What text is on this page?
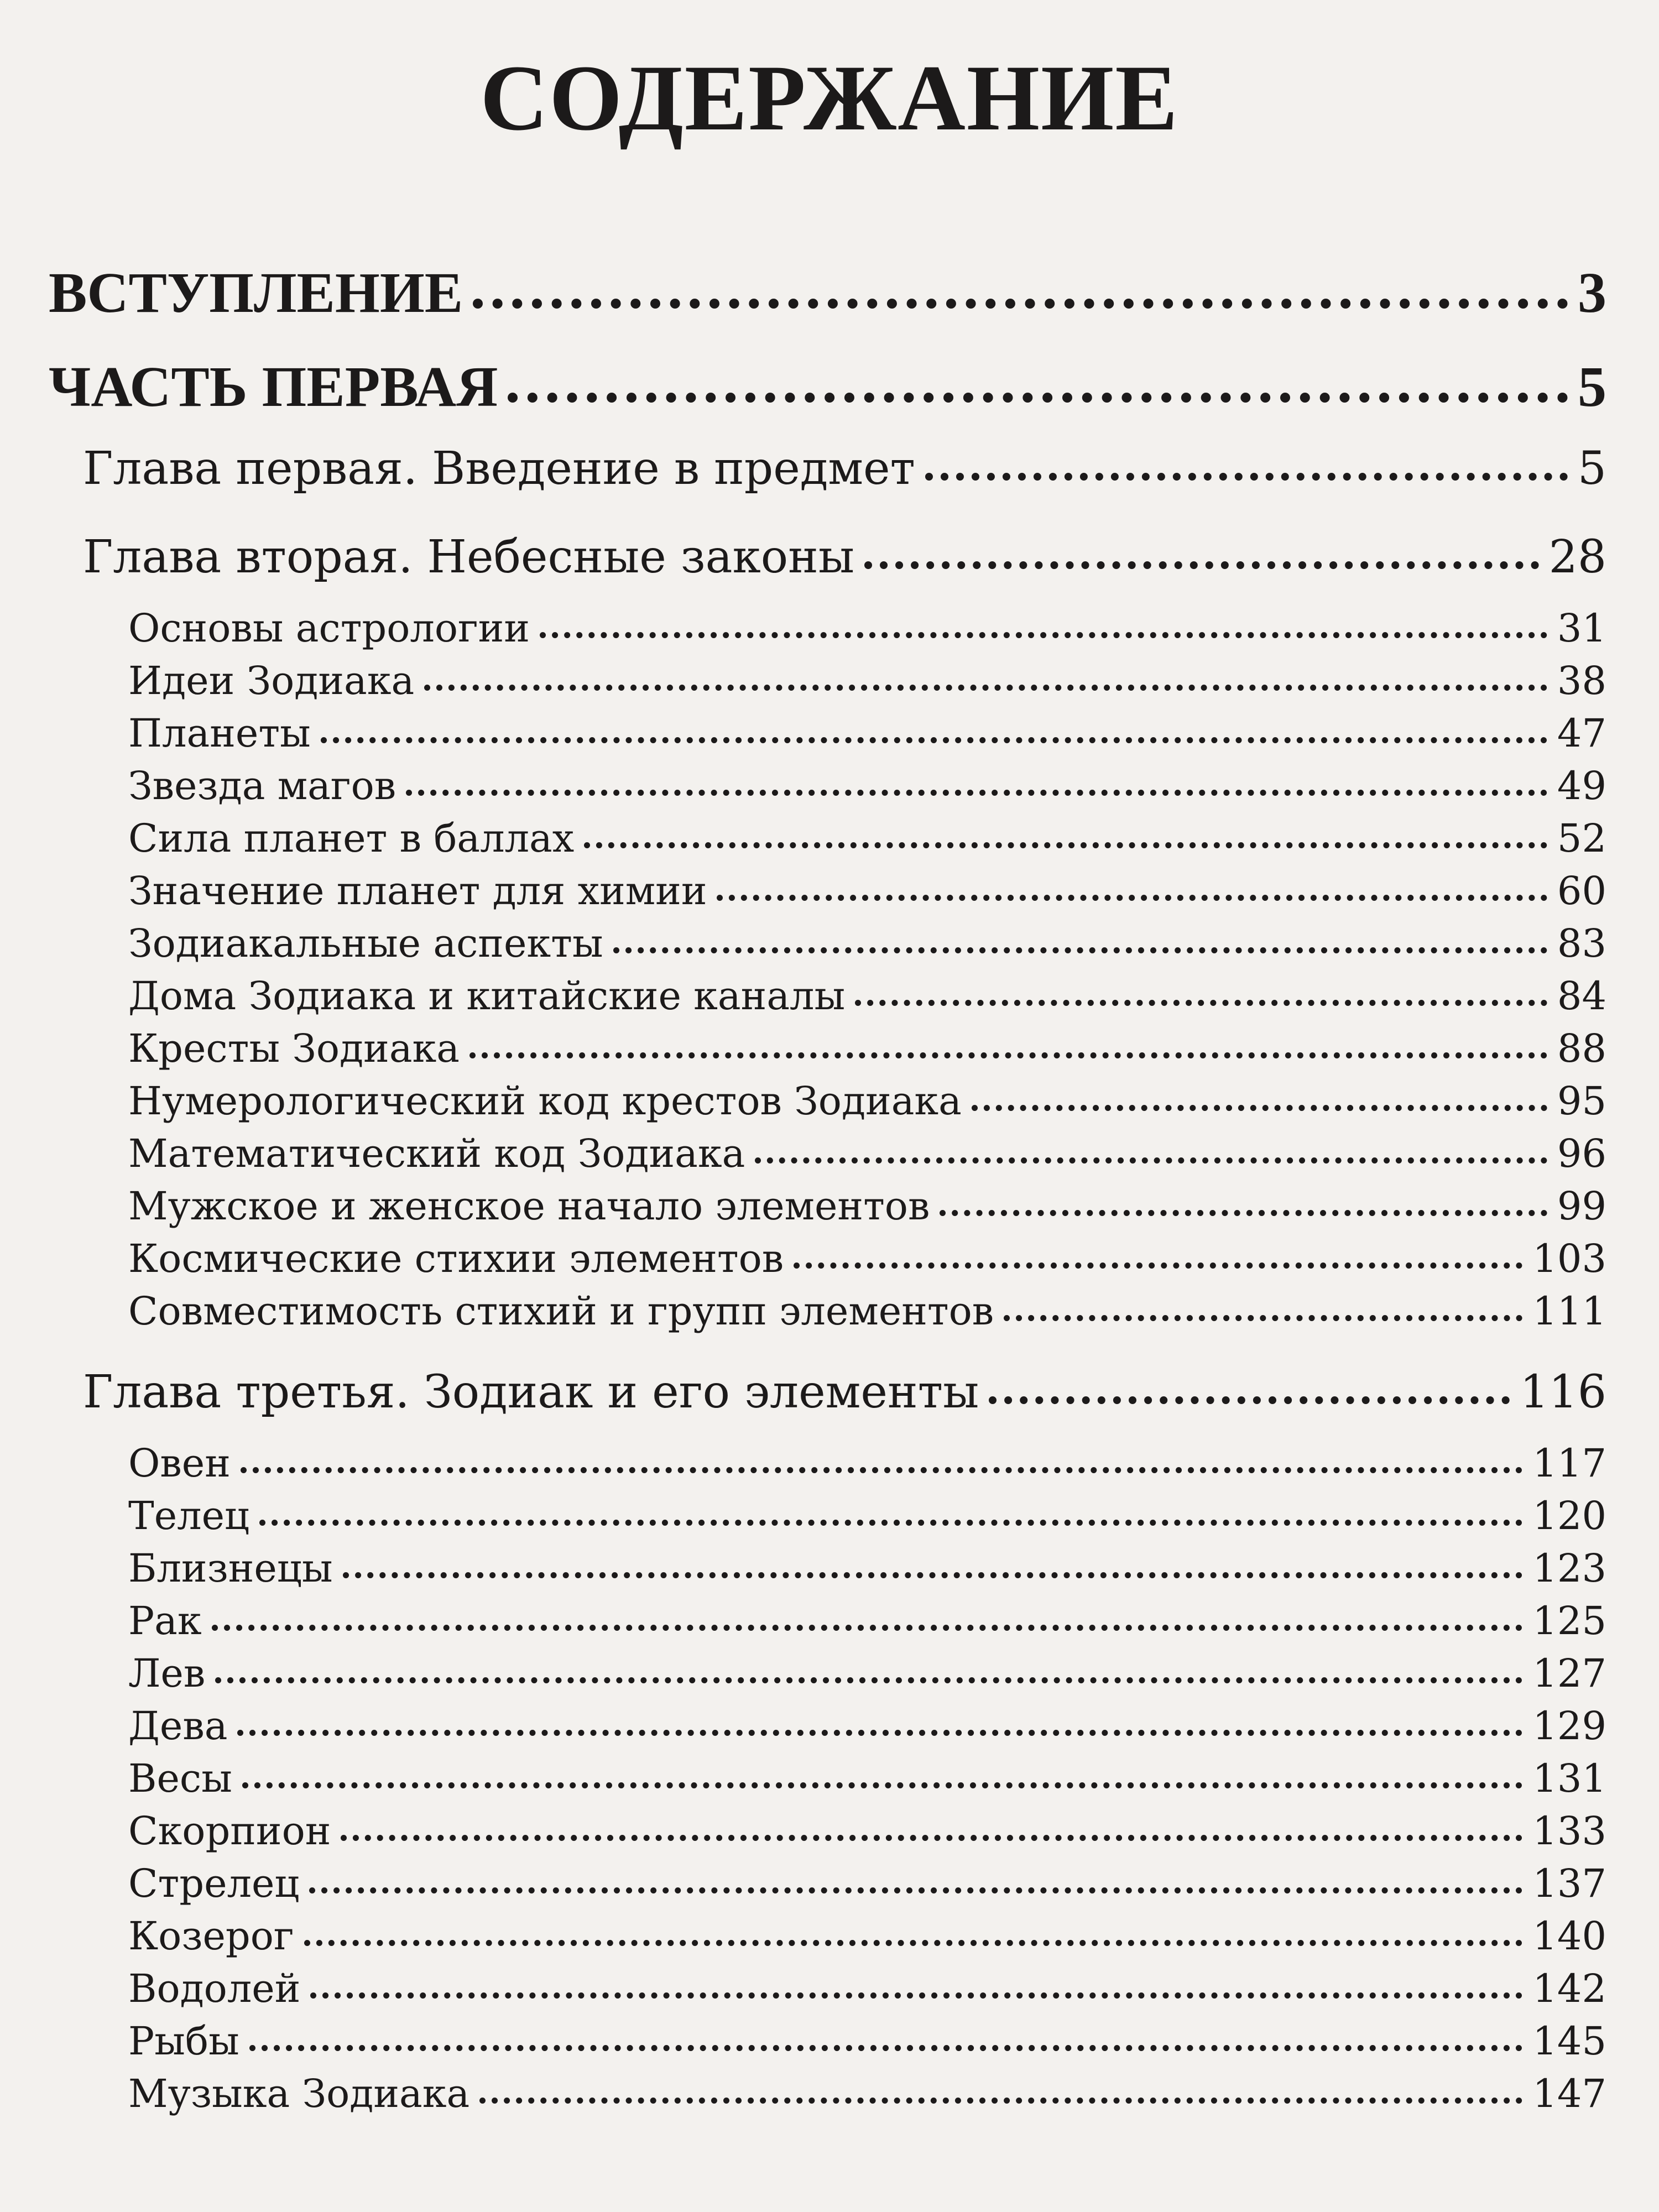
СОДЕРЖАНИЕ
ВСТУПЛЕНИЕ	3
ЧАСТЬ ПЕРВАЯ	5
Глава первая. Введение в предмет	5
Глава вторая. Небесные законы	28
Основы астрологии	31
Идеи Зодиака	38
Планеты	47
Звезда магов	49
Сила планет в баллах	52
Значение планет для химии	60
Зодиакальные аспекты	83
Дома Зодиака и китайские каналы	84
Кресты Зодиака	88
Нумерологический код крестов Зодиака	95
Математический код Зодиака	96
Мужское и женское начало элементов	99
Космические стихии элементов	103
Совместимость стихий и групп элементов	111
Глава третья. Зодиак и его элементы	116
Овен	117
Телец	120
Близнецы	123
Рак	125
Лев	127
Дева	129
Весы	131
Скорпион	133
Стрелец	137
Козерог	140
Водолей	142
Рыбы	145
Музыка Зодиака	147
